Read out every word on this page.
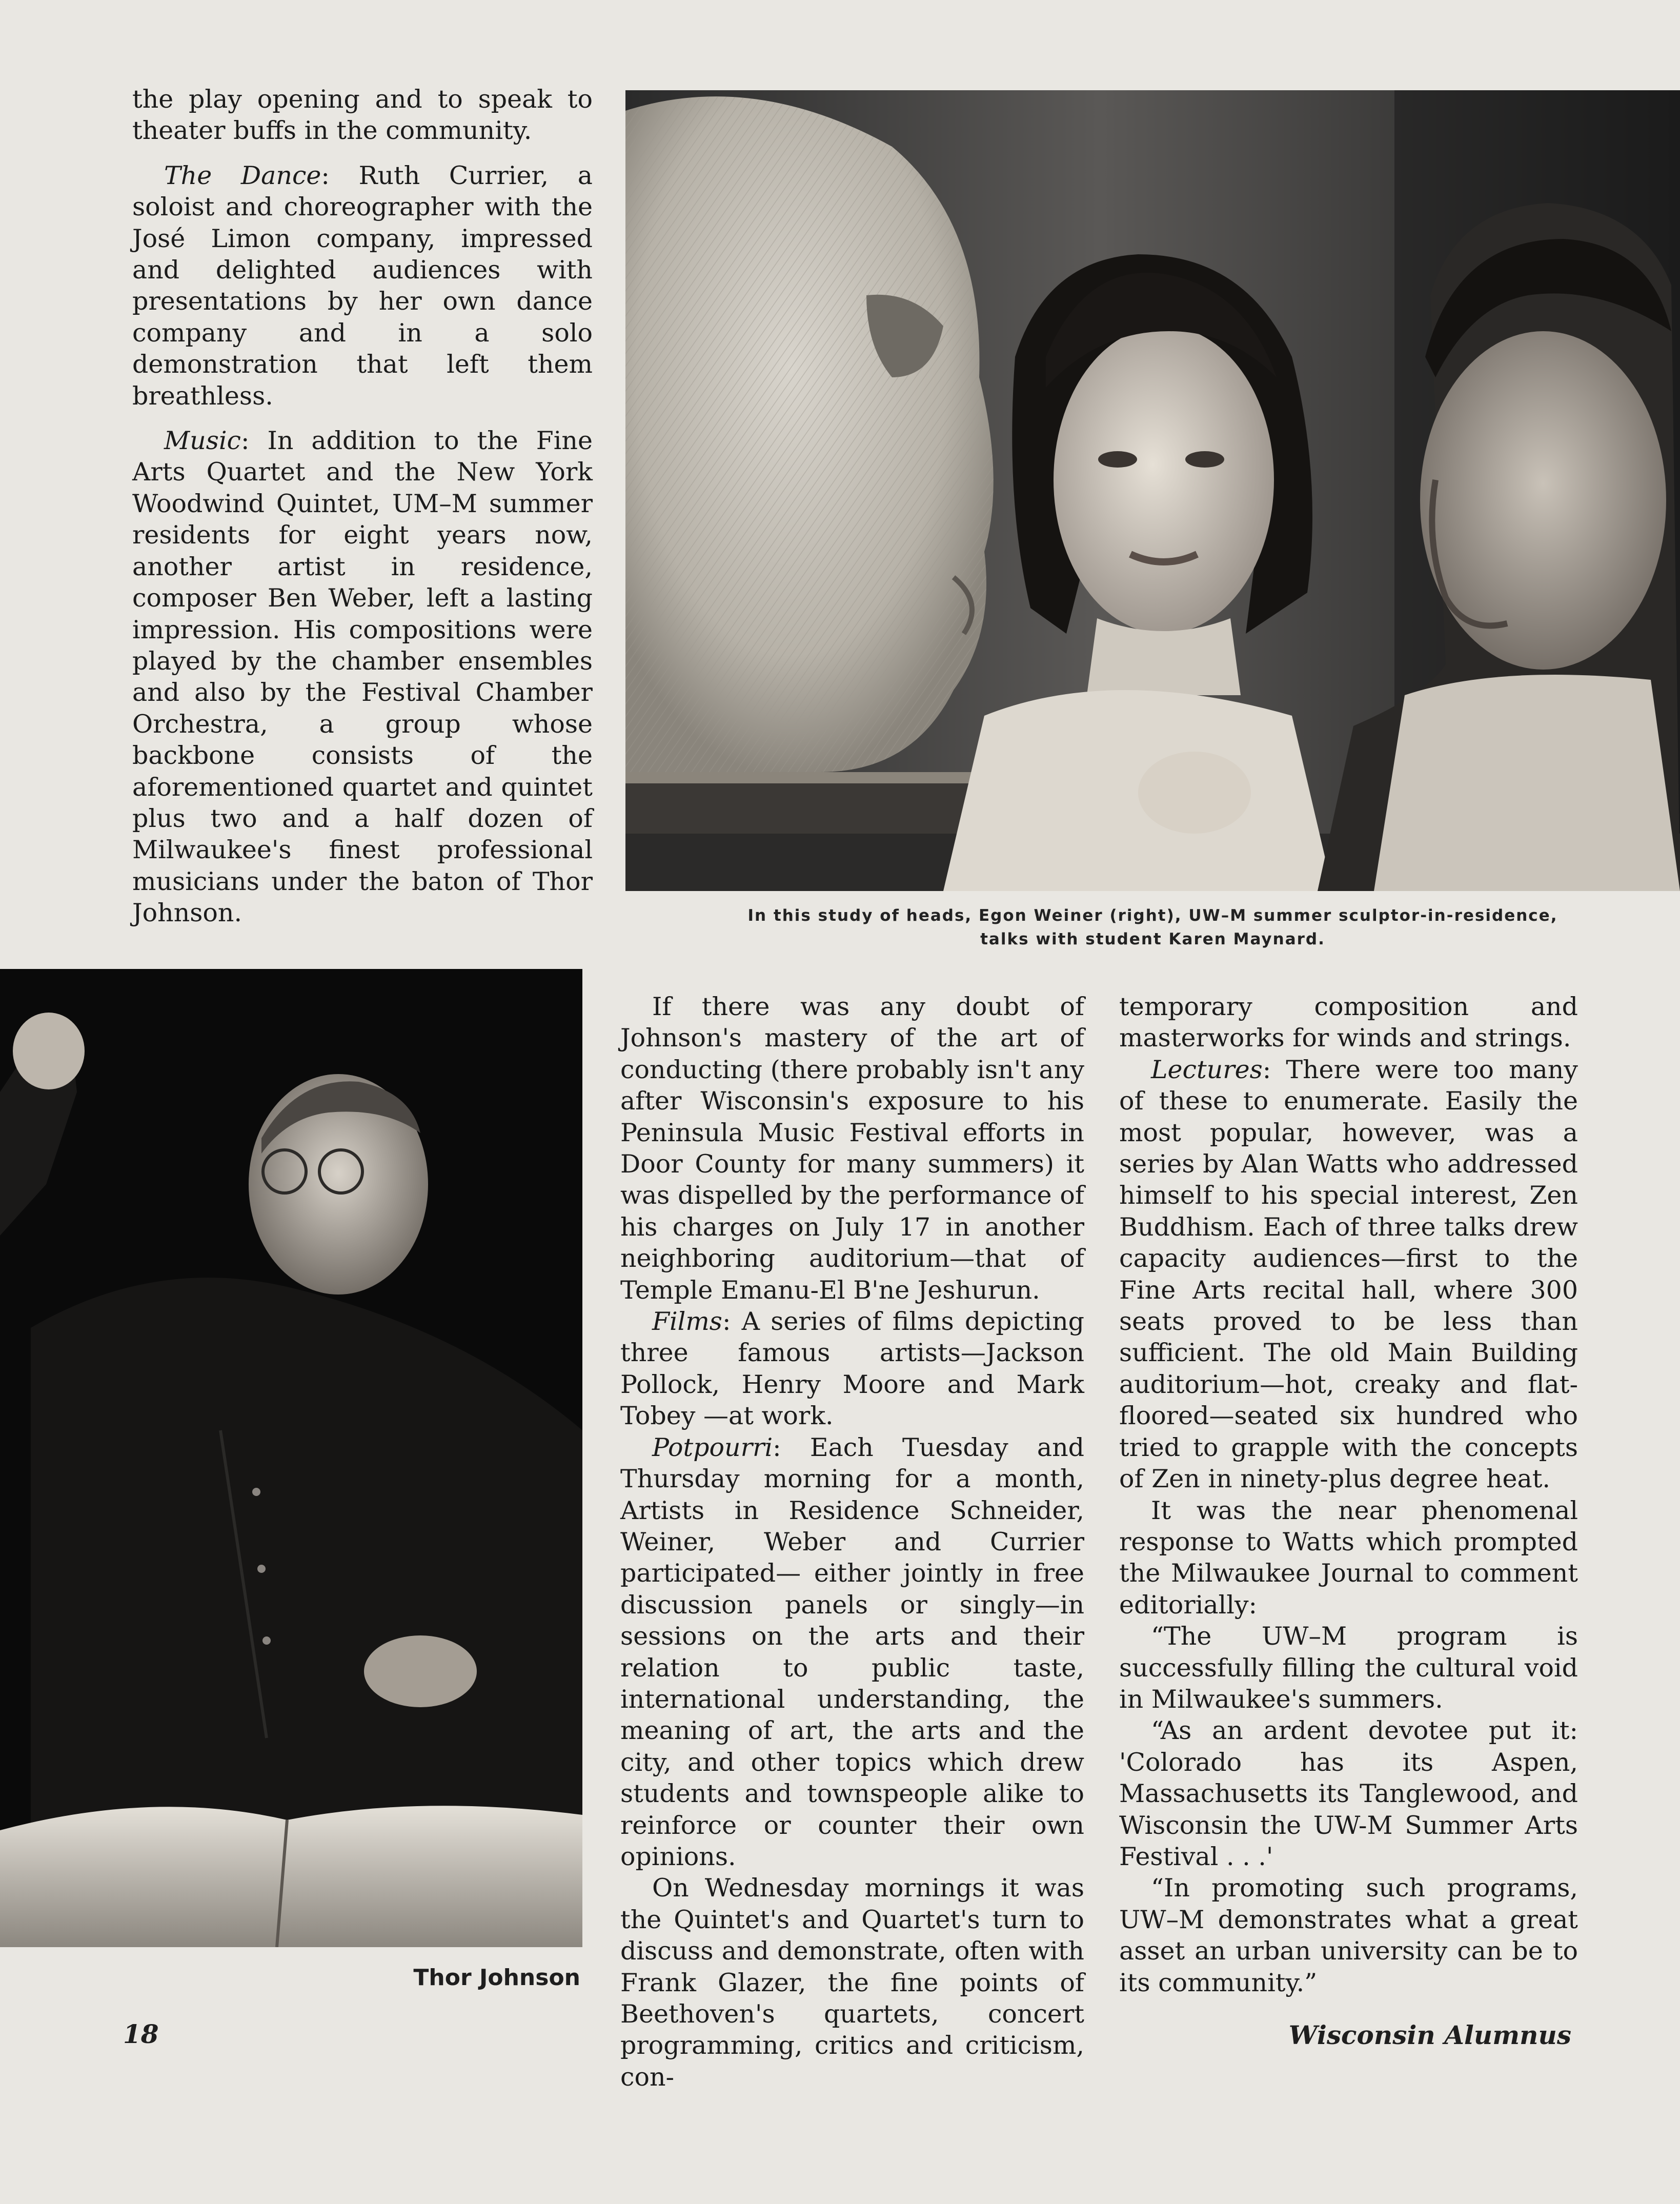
the play opening and to speak to theater buffs in the community.

The Dance: Ruth Currier, a soloist and choreographer with the José Limon company, impressed and delighted audiences with presentations by her own dance company and in a solo demonstration that left them breathless.

Music: In addition to the Fine Arts Quartet and the New York Woodwind Quintet, UM–M summer residents for eight years now, another artist in residence, composer Ben Weber, left a lasting impression. His compositions were played by the chamber ensembles and also by the Festival Chamber Orchestra, a group whose backbone consists of the aforementioned quartet and quintet plus two and a half dozen of Milwaukee's finest professional musicians under the baton of Thor Johnson.	In this study of heads, Egon Weiner (right), UW–M summer sculptor-in-residence,
talks with student Karen Maynard.
Thor Johnson

If there was any doubt of Johnson's mastery of the art of conducting (there probably isn't any after Wisconsin's exposure to his Peninsula Music Festival efforts in Door County for many summers) it was dispelled by the performance of his charges on July 17 in another neighboring auditorium—that of Temple Emanu-El B'ne Jeshurun.

Films: A series of films depicting three famous artists—Jackson Pollock, Henry Moore and Mark Tobey —at work.

Potpourri: Each Tuesday and Thursday morning for a month, Artists in Residence Schneider, Weiner, Weber and Currier participated— either jointly in free discussion panels or singly—in sessions on the arts and their relation to public taste, international understanding, the meaning of art, the arts and the city, and other topics which drew students and townspeople alike to reinforce or counter their own opinions.

On Wednesday mornings it was the Quintet's and Quartet's turn to discuss and demonstrate, often with Frank Glazer, the fine points of Beethoven's quartets, concert programming, critics and criticism, con-

temporary composition and masterworks for winds and strings.

Lectures: There were too many of these to enumerate. Easily the most popular, however, was a series by Alan Watts who addressed himself to his special interest, Zen Buddhism. Each of three talks drew capacity audiences—first to the Fine Arts recital hall, where 300 seats proved to be less than sufficient. The old Main Building auditorium—hot, creaky and flat-floored—seated six hundred who tried to grapple with the concepts of Zen in ninety-plus degree heat.

It was the near phenomenal response to Watts which prompted the Milwaukee Journal to comment editorially:

“The UW–M program is successfully filling the cultural void in Milwaukee's summers.

“As an ardent devotee put it: 'Colorado has its Aspen, Massachusetts its Tanglewood, and Wisconsin the UW-M Summer Arts Festival . . .'

“In promoting such programs, UW–M demonstrates what a great asset an urban university can be to its community.”

18	Wisconsin Alumnus
